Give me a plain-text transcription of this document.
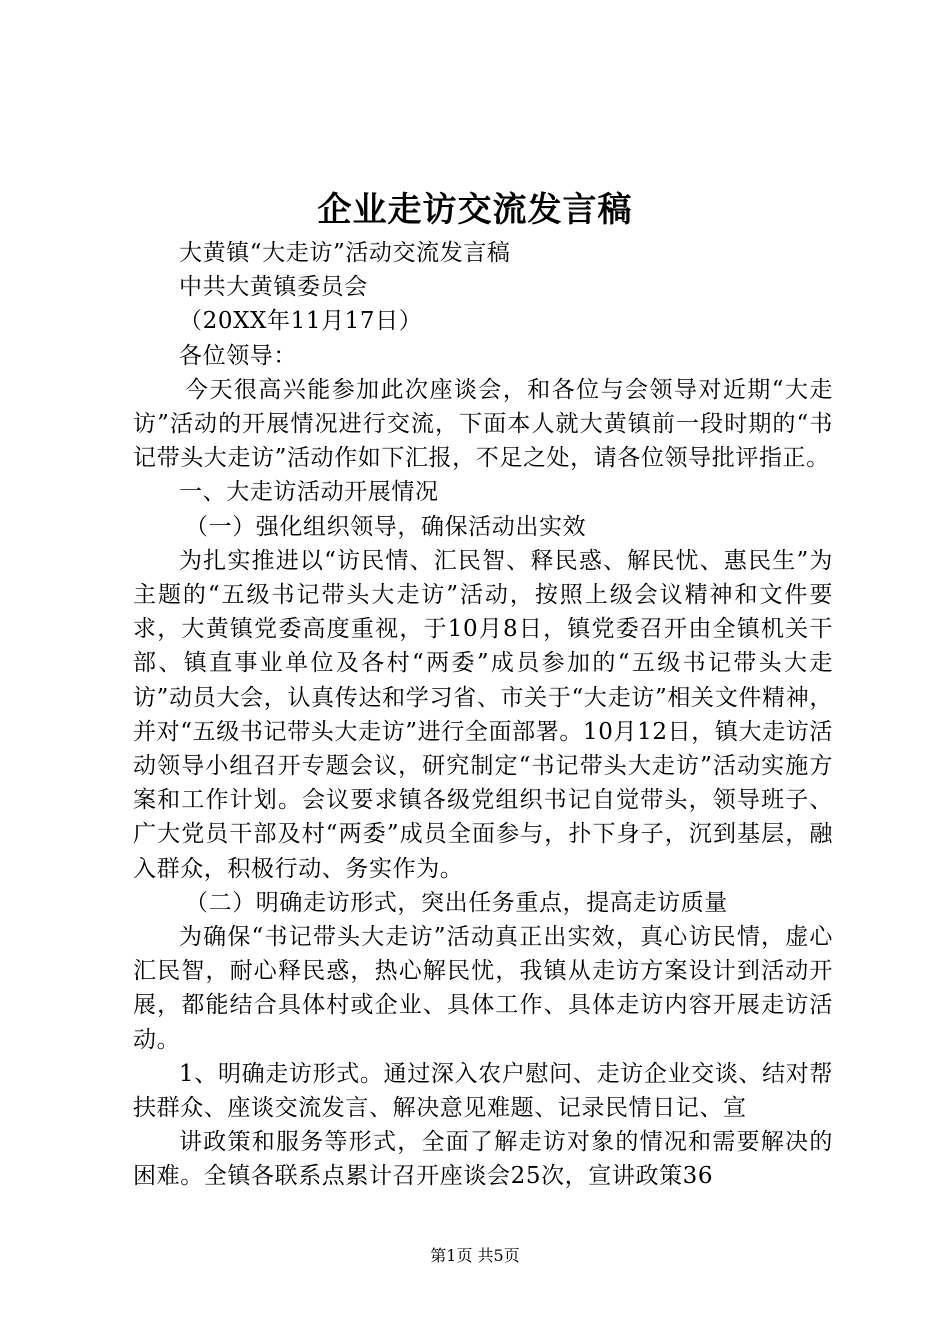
企业走访交流发言稿

大黄镇“大走访”活动交流发言稿

中共大黄镇委员会

（20XX年11月17日）

各位领导：

今天很高兴能参加此次座谈会，和各位与会领导对近期“大走访”活动的开展情况进行交流，下面本人就大黄镇前一段时期的“书记带头大走访”活动作如下汇报，不足之处，请各位领导批评指正。

一、大走访活动开展情况

（一）强化组织领导，确保活动出实效

为扎实推进以“访民情、汇民智、释民惑、解民忧、惠民生”为主题的“五级书记带头大走访”活动，按照上级会议精神和文件要求，大黄镇党委高度重视，于10月8日，镇党委召开由全镇机关干部、镇直事业单位及各村“两委”成员参加的“五级书记带头大走访”动员大会，认真传达和学习省、市关于“大走访”相关文件精神，并对“五级书记带头大走访”进行全面部署。10月12日，镇大走访活动领导小组召开专题会议，研究制定“书记带头大走访”活动实施方案和工作计划。会议要求镇各级党组织书记自觉带头，领导班子、广大党员干部及村“两委”成员全面参与，扑下身子，沉到基层，融入群众，积极行动、务实作为。

（二）明确走访形式，突出任务重点，提高走访质量

为确保“书记带头大走访”活动真正出实效，真心访民情，虚心汇民智，耐心释民惑，热心解民忧，我镇从走访方案设计到活动开展，都能结合具体村或企业、具体工作、具体走访内容开展走访活动。

1、明确走访形式。通过深入农户慰问、走访企业交谈、结对帮扶群众、座谈交流发言、解决意见难题、记录民情日记、宣

讲政策和服务等形式，全面了解走访对象的情况和需要解决的困难。全镇各联系点累计召开座谈会25次，宣讲政策36

第1页 共5页
